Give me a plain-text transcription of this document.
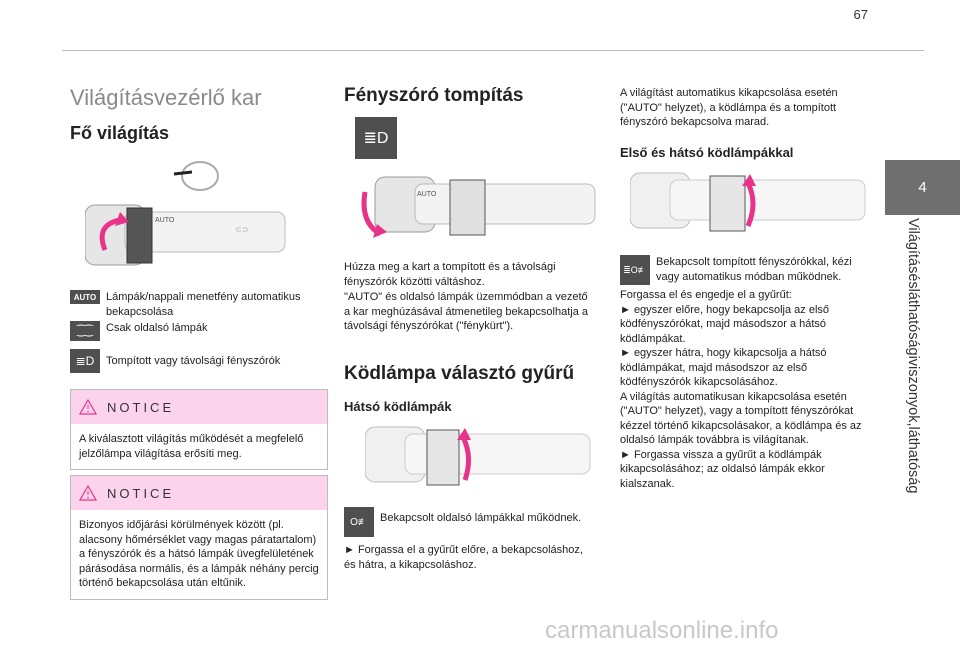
67
4
Világításésláthatóságiviszonyok,láthatóság
Világításvezérlő kar
Fő világítás
AUTO
⊂⊃
AUTO Lámpák/nappali menetfény automatikus bekapcsolása
⁐⁐	Csak oldalsó lámpák
≣D	Tompított vagy távolsági fényszórók
NOTICE
A kiválasztott világítás működését a megfelelő jelzőlámpa világítása erősíti meg.
NOTICE
Bizonyos időjárási körülmények között (pl. alacsony hőmérséklet vagy magas páratartalom) a fényszórók és a hátsó lámpák üvegfelületének párásodása normális, és a lámpák néhány percig történő bekapcsolása után eltűnik.
Fényszóró tompítás
≣D
AUTO
Húzza meg a kart a tompított és a távolsági fényszórók közötti váltáshoz.
"AUTO" és oldalsó lámpák üzemmódban a vezető a kar meghúzásával átmenetileg bekapcsolhatja a távolsági fényszórókat ("fénykürt").
Ködlámpa választó gyűrű
Hátsó ködlámpák
O≢	Bekapcsolt oldalsó lámpákkal működnek.
► Forgassa el a gyűrűt előre, a bekapcsoláshoz, és hátra, a kikapcsoláshoz.
A világítást automatikus kikapcsolása esetén ("AUTO" helyzet), a ködlámpa és a tompított fényszóró bekapcsolva marad.
Első és hátsó ködlámpákkal
≣O≢
Bekapcsolt tompított fényszórókkal, kézi vagy automatikus módban működnek.
Forgassa el és engedje el a gyűrűt:
► egyszer előre, hogy bekapcsolja az első ködfényszórókat, majd másodszor a hátsó ködlámpákat.
► egyszer hátra, hogy kikapcsolja a hátsó ködlámpákat, majd másodszor az első ködfényszórók kikapcsolásához.
A világítás automatikusan kikapcsolása esetén ("AUTO" helyzet), vagy a tompított fényszórókat kézzel történő kikapcsolásakor, a ködlámpa és az oldalsó lámpák továbbra is világítanak.
► Forgassa vissza a gyűrűt a ködlámpák kikapcsolásához; az oldalsó lámpák ekkor kialszanak.
carmanualsonline.info
